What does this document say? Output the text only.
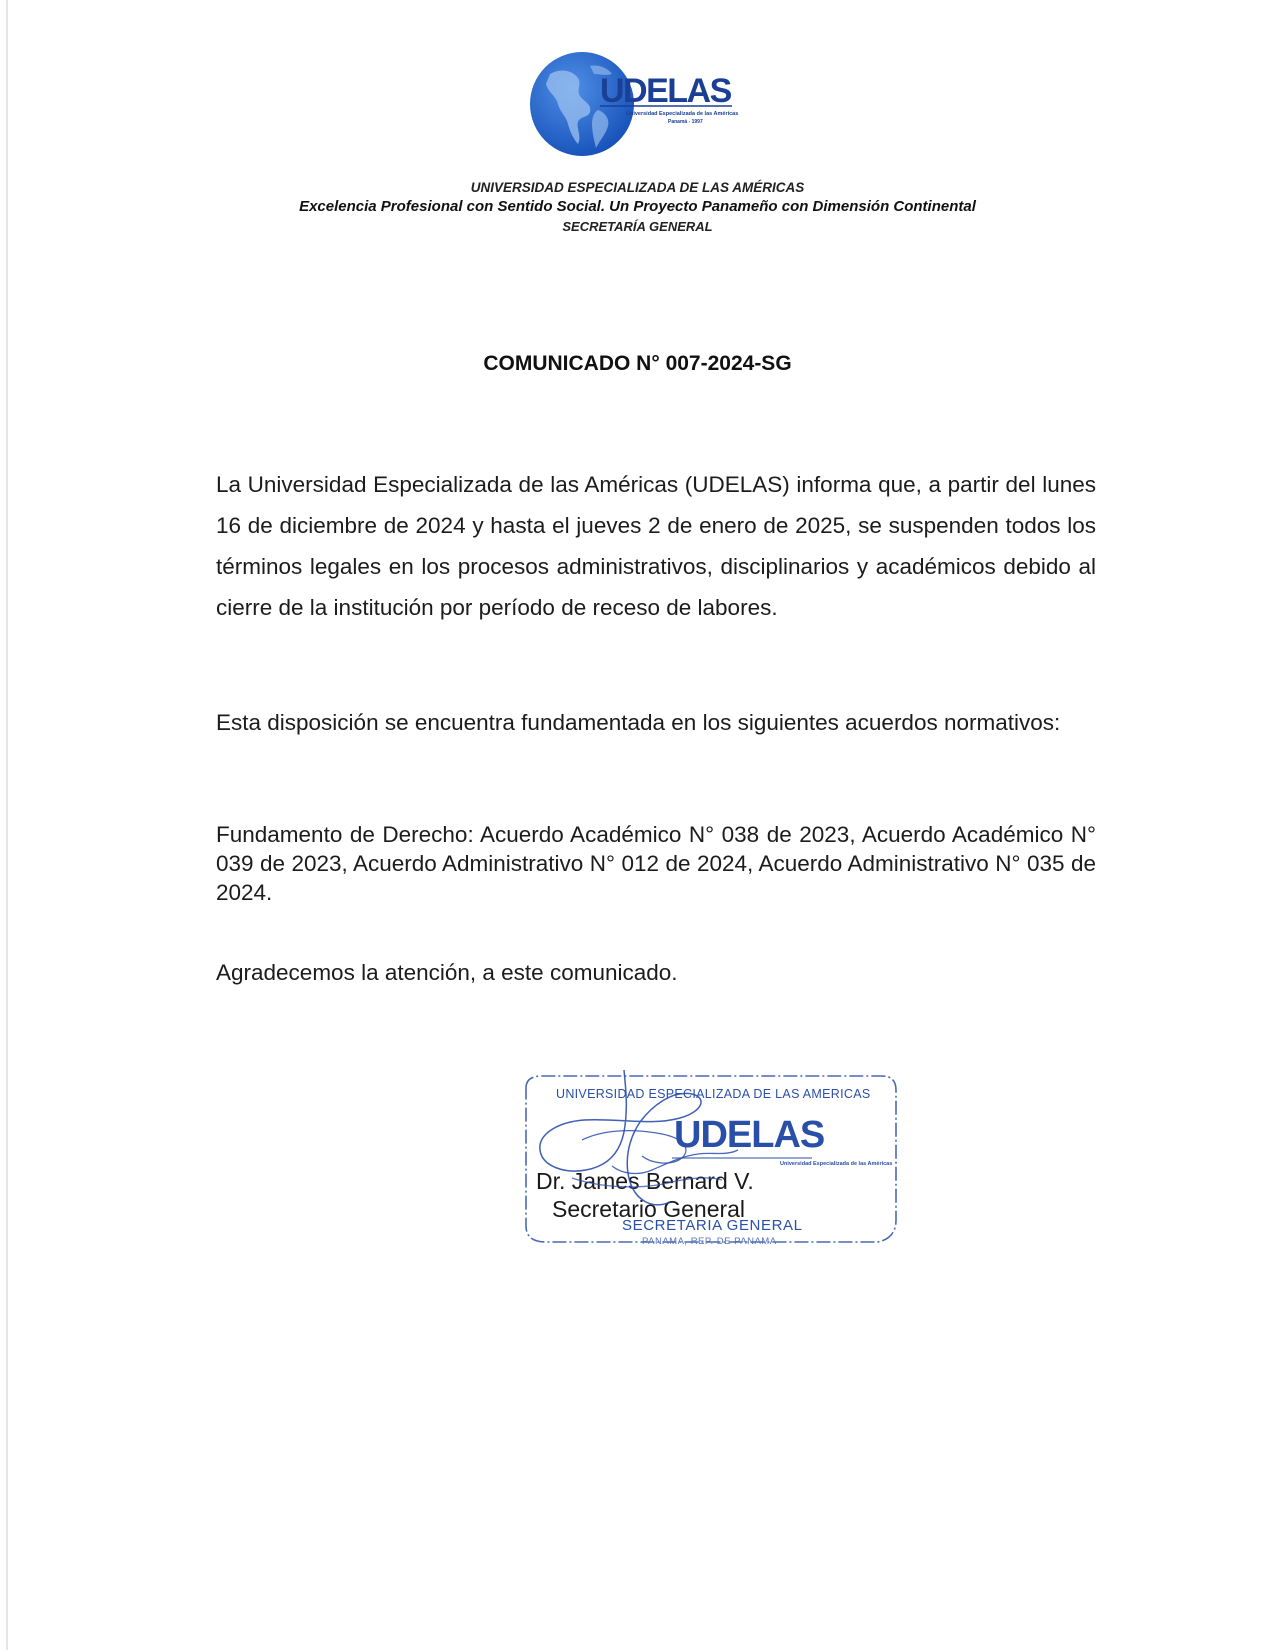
UDELAS
Universidad Especializada de las Américas
Panamá - 1997
UNIVERSIDAD ESPECIALIZADA DE LAS AMÉRICAS
Excelencia Profesional con Sentido Social. Un Proyecto Panameño con Dimensión Continental
SECRETARÍA GENERAL
COMUNICADO N° 007-2024-SG
La Universidad Especializada de las Américas (UDELAS) informa que, a partir del lunes 16 de diciembre de 2024 y hasta el jueves 2 de enero de 2025, se suspenden todos los términos legales en los procesos administrativos, disciplinarios y académicos debido al cierre de la institución por período de receso de labores.
Esta disposición se encuentra fundamentada en los siguientes acuerdos normativos:
Fundamento de Derecho: Acuerdo Académico N° 038 de 2023, Acuerdo Académico N° 039 de 2023, Acuerdo Administrativo N° 012 de 2024, Acuerdo Administrativo N° 035 de 2024.
Agradecemos la atención, a este comunicado.
UNIVERSIDAD ESPECIALIZADA DE LAS AMERICAS
UDELAS
Universidad Especializada de las Américas
Dr. James Bernard V.
Secretario General
SECRETARIA GENERAL
PANAMA, REP. DE PANAMA
